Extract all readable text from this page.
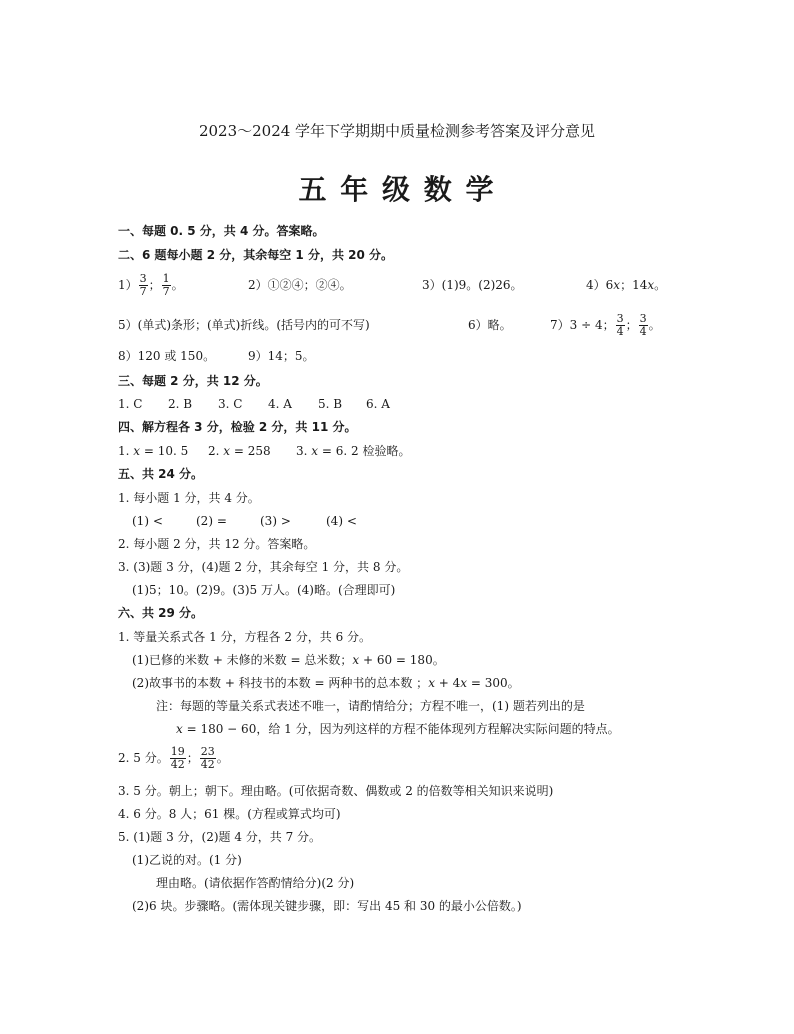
2023～2024 学年下学期期中质量检测参考答案及评分意见
五 年 级 数 学
一、每题 0. 5 分，共 4 分。答案略。
二、6 题每小题 2 分，其余每空 1 分，共 20 分。
$1) \frac{3}{7}$ ； $\frac{1}{7}$ 。	2）①②④；②④。	3）(1)9。(2)26。	4）6x；14x。
5）(单式)条形；(单式)折线。(括号内的可不写)	6）略。	7）3 ÷ 4； $\frac{3}{4}$ ； $\frac{3}{4}$ 。
8）120 或 150。	9）14；5。
三、每题 2 分，共 12 分。
1. C 2. B 3. C 4. A 5. B 6. A
四、解方程各 3 分，检验 2 分，共 11 分。
1. x = 10. 5 2. x = 258 3. x = 6. 2 检验略。
五、共 24 分。
1. 每小题 1 分，共 4 分。
(1) <	(2) =	(3) >	(4) <
2. 每小题 2 分，共 12 分。答案略。
3. (3)题 3 分，(4)题 2 分，其余每空 1 分，共 8 分。
(1)5；10。(2)9。(3)5 万人。(4)略。(合理即可)
六、共 29 分。
1. 等量关系式各 1 分，方程各 2 分，共 6 分。
(1)已修的米数 + 未修的米数 = 总米数；x + 60 = 180。
(2)故事书的本数 + 科技书的本数 = 两种书的总本数 ；x + 4x = 300。
注：每题的等量关系式表述不唯一，请酌情给分；方程不唯一，(1) 题若列出的是
x = 180 − 60，给 1 分，因为列这样的方程不能体现列方程解决实际问题的特点。
2. 5 分。 $\frac{19}{42}$ ； $\frac{23}{42}$ 。
3. 5 分。朝上；朝下。理由略。(可依据奇数、偶数或 2 的倍数等相关知识来说明)
4. 6 分。8 人；61 棵。(方程或算式均可)
5. (1)题 3 分，(2)题 4 分，共 7 分。
(1)乙说的对。(1 分)
理由略。(请依据作答酌情给分)(2 分)
(2)6 块。步骤略。(需体现关键步骤，即：写出 45 和 30 的最小公倍数。)
